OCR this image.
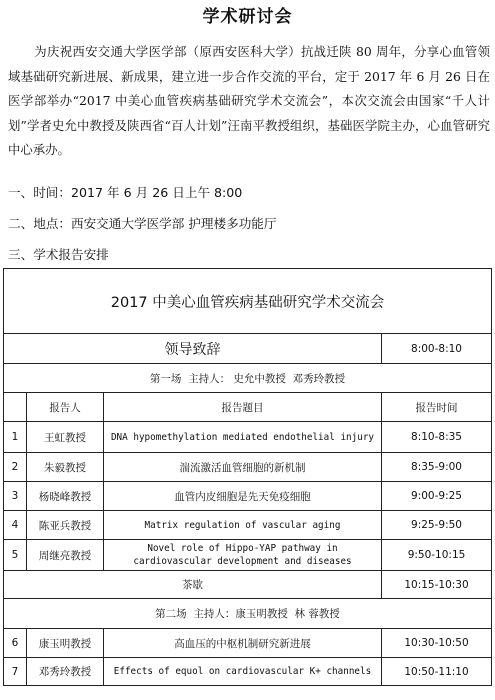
学术研讨会
为庆祝西安交通大学医学部（原西安医科大学）抗战迁陕 80 周年，分享心血管领域基础研究新进展、新成果，建立进一步合作交流的平台，定于 2017 年 6 月 26 日在医学部举办“2017 中美心血管疾病基础研究学术交流会”，本次交流会由国家“千人计划”学者史允中教授及陕西省“百人计划”汪南平教授组织，基础医学院主办，心血管研究中心承办。
一、时间：2017 年 6 月 26 日上午 8:00
二、地点：西安交通大学医学部 护理楼多功能厅
三、学术报告安排
2017 中美心血管疾病基础研究学术交流会			
领导致辞			8:00-8:10
第一场  主持人： 史允中教授  邓秀玲教授			
	报告人	报告题目	报告时间
1	王虹教授	DNA hypomethylation mediated endothelial injury	8:10-8:35
2	朱毅教授	湍流激活血管细胞的新机制	8:35-9:00
3	杨晓峰教授	血管内皮细胞是先天免疫细胞	9:00-9:25
4	陈亚兵教授	Matrix regulation of vascular aging	9:25-9:50
5	周继亮教授	Novel role of Hippo-YAP pathway in cardiovascular development and diseases	9:50-10:15
茶歇			10:15-10:30
第二场  主持人：康玉明教授  林 蓉教授			
6	康玉明教授	高血压的中枢机制研究新进展	10:30-10:50
7	邓秀玲教授	Effects of equol on cardiovascular K+ channels	10:50-11:10
